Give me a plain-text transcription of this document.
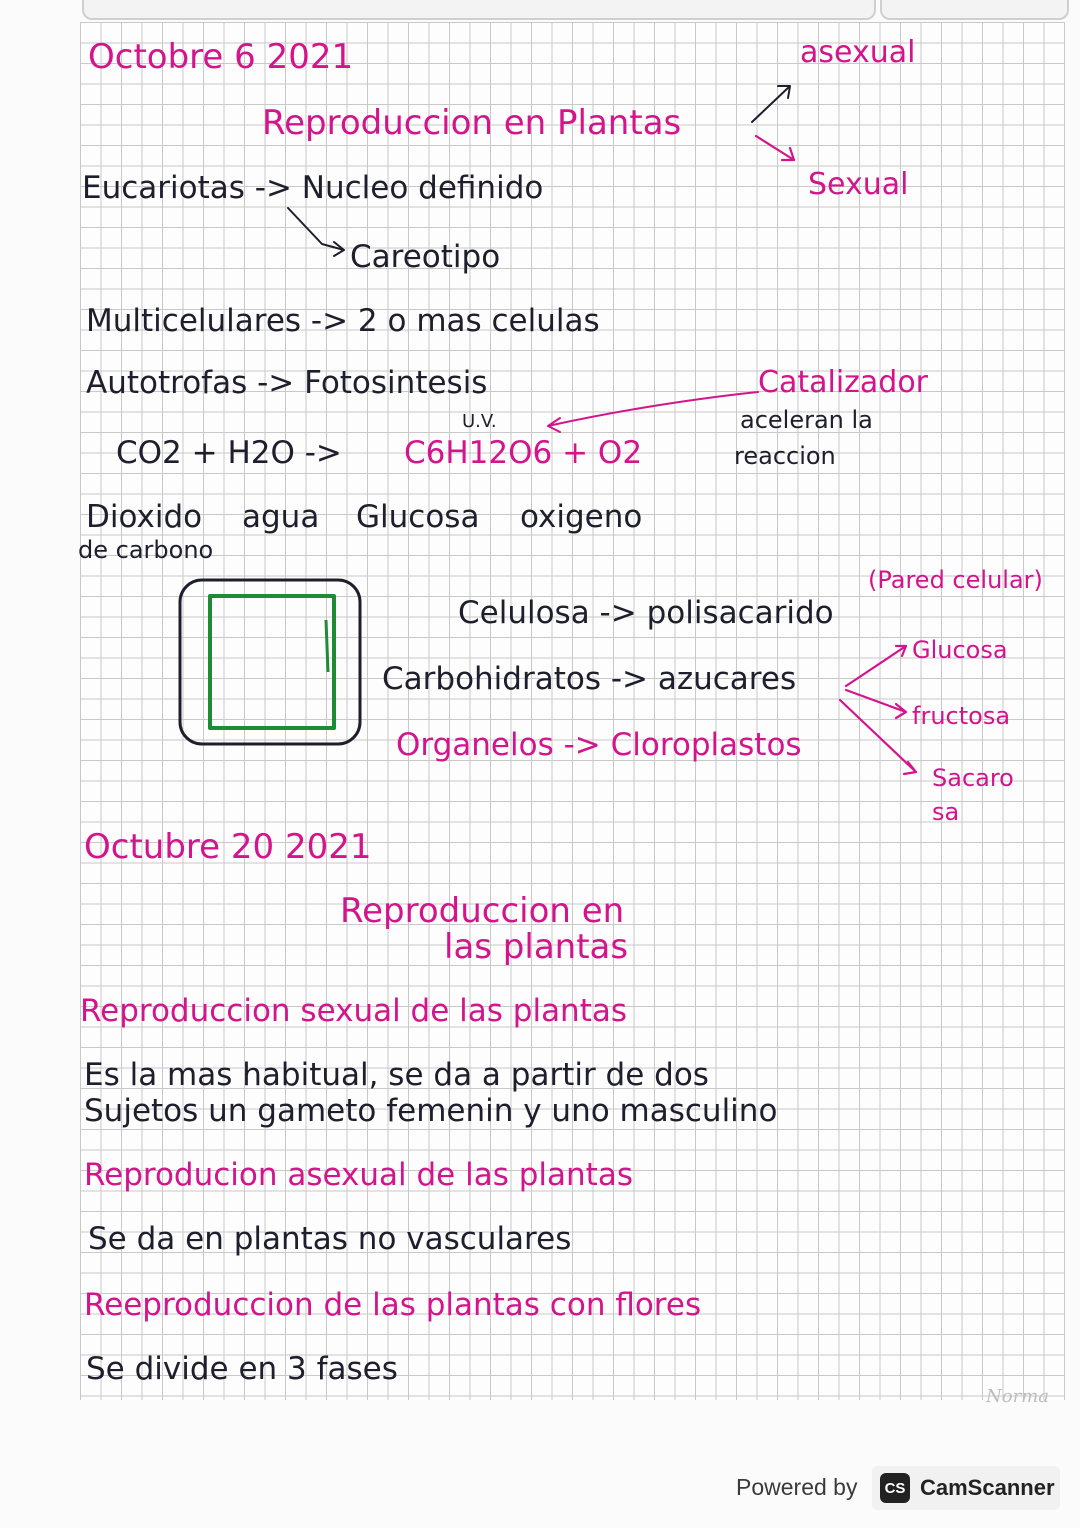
Octobre 6 2021
Reproduccion en Plantas
asexual
Sexual
Eucariotas -> Nucleo definido
Careotipo
Multicelulares -> 2 o mas celulas
Autotrofas -> Fotosintesis
U.V.
Catalizador
aceleran la
reaccion
CO2 + H2O -> C6H12O6 + O2
Dioxido
de carbono
agua Glucosa oxigeno
(Pared celular)
Celulosa -> polisacarido
Carbohidratos -> azucares
Organelos -> Cloroplastos
Glucosa
fructosa
Sacaro
sa
Octubre 20 2021
Reproduccion en
las plantas
Reproduccion sexual de las plantas
Es la mas habitual, se da a partir de dos
Sujetos un gameto femenin y uno masculino
Reproducion asexual de las plantas
Se da en plantas no vasculares
Reeproduccion de las plantas con flores
Se divide en 3 fases
Norma
Powered by	CS CamScanner
